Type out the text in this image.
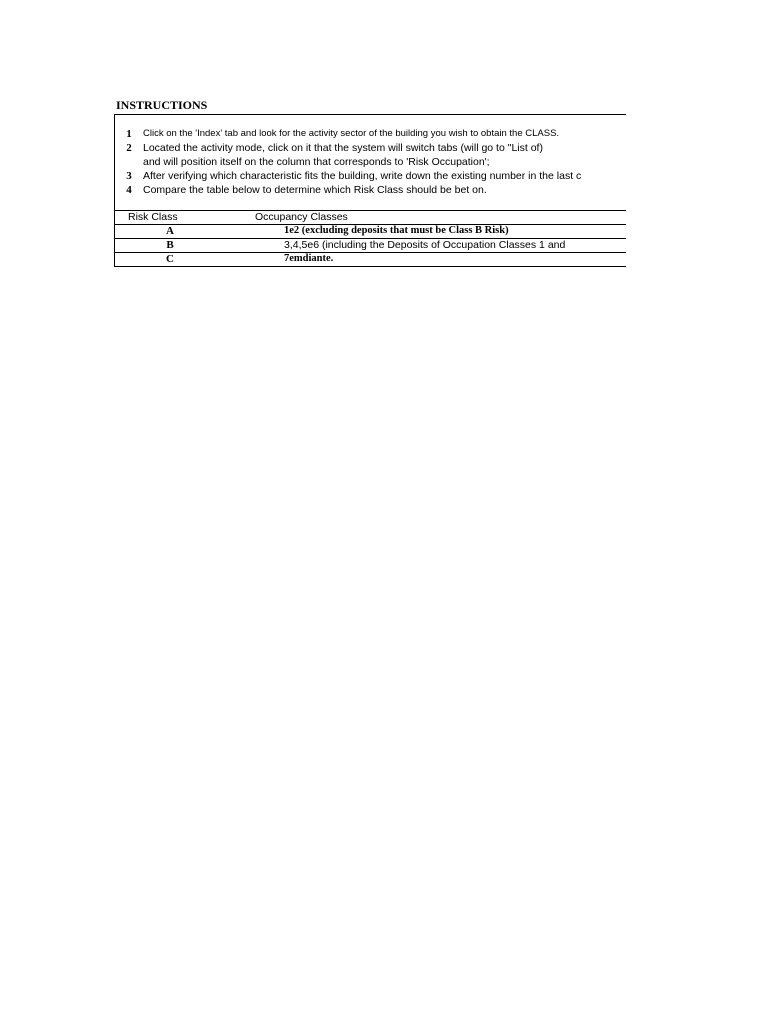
INSTRUCTIONS
1 Click on the 'Index' tab and look for the activity sector of the building you wish to obtain the CLASS.
2 Located the activity mode, click on it that the system will switch tabs (will go to "List of)
and will position itself on the column that corresponds to 'Risk Occupation';
3 After verifying which characteristic fits the building, write down the existing number in the last c
4 Compare the table below to determine which Risk Class should be bet on.
Risk Class	Occupancy Classes
A	1e2 (excluding deposits that must be Class B Risk)
B	3,4,5e6 (including the Deposits of Occupation Classes 1 and
C	7emdiante.
